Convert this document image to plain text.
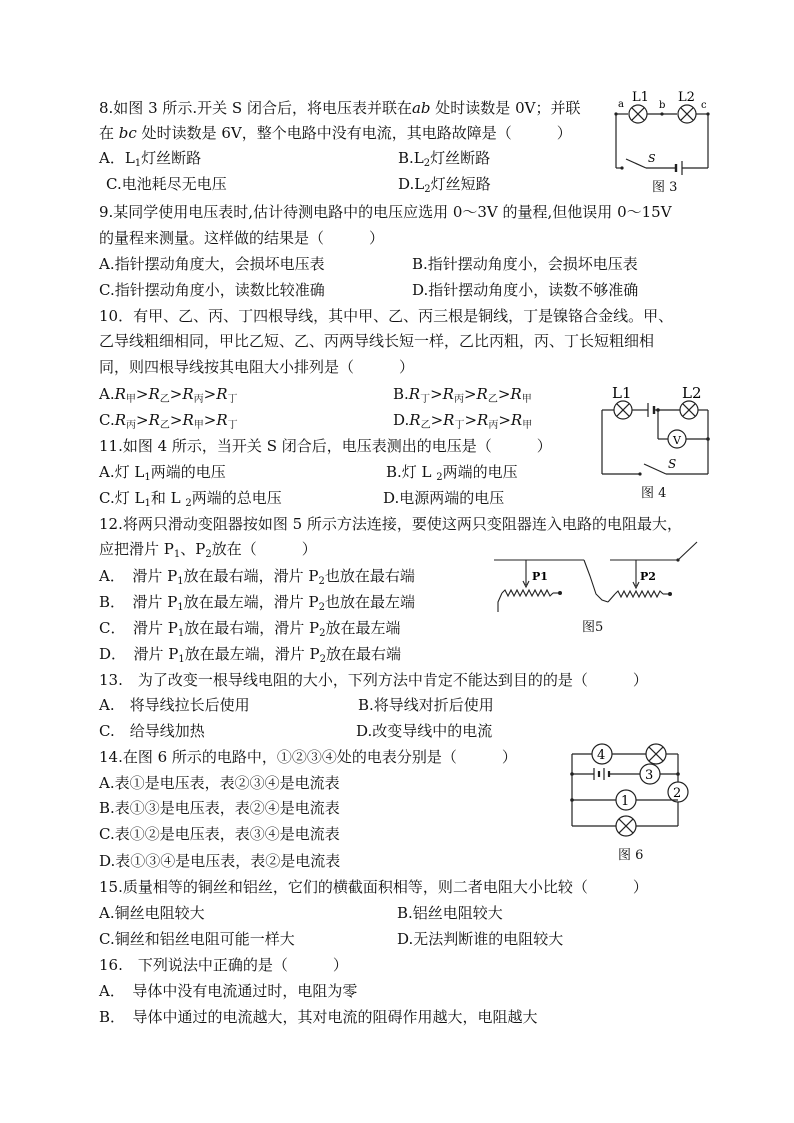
8.如图 3 所示.开关 S 闭合后，将电压表并联在ab 处时读数是 0V；并联
在 bc 处时读数是 6V，整个电路中没有电流，其电路故障是（　　　）
A．$L_1$灯丝断路	$B.L_2$灯丝断路
C.电池耗尽无电压	$D.L_2$灯丝短路
a	b	c
L1 L2
S
图 3
9.某同学使用电压表时,估计待测电路中的电压应选用 0～3V 的量程,但他误用 0～15V
的量程来测量。这样做的结果是（　　　）
A.指针摆动角度大，会损坏电压表	B.指针摆动角度小，会损坏电压表
C.指针摆动角度小，读数比较准确	D.指针摆动角度小，读数不够准确
10．有甲、乙、丙、丁四根导线，其中甲、乙、丙三根是铜线，丁是镍铬合金线。甲、
乙导线粗细相同，甲比乙短、乙、丙两导线长短一样，乙比丙粗，丙、丁长短粗细相
同，则四根导线按其电阻大小排列是（　　　）
$A.R_甲>R_乙>R_丙>R_丁$	$B.R_丁>R_丙>R_乙>R_甲$
$C.R_丙>R_乙>R_甲>R_丁$	$D.R_乙>R_丁>R_丙>R_甲$
L1	L2
V
S
图 4
11.如图 4 所示，当开关 S 闭合后，电压表测出的电压是（　　　）
A.灯 $L_1$两端的电压	B.灯 L $_2$两端的电压
C.灯 $L_1$和 L $_2$两端的总电压	D.电源两端的电压
12.将两只滑动变阻器按如图 5 所示方法连接，要使这两只变阻器连入电路的电阻最大，
应把滑片 $P_1$、$P_2$放在（　　　）
A．　滑片 $P_1$放在最右端，滑片 $P_2$也放在最右端
B．　滑片 $P_1$放在最左端，滑片 $P_2$也放在最左端
C．　滑片 $P_1$放在最右端，滑片 $P_2$放在最左端
D．　滑片 $P_1$放在最左端，滑片 $P_2$放在最右端
P1	P2
图5
13.　为了改变一根导线电阻的大小，下列方法中肯定不能达到目的的是（　　　）
A.　将导线拉长后使用	B.将导线对折后使用
C.　给导线加热	D.改变导线中的电流
14.在图 6 所示的电路中，①②③④处的电表分别是（　　　）
A.表①是电压表，表②③④是电流表
B.表①③是电压表，表②④是电流表
C.表①②是电压表，表③④是电流表
D.表①③④是电压表，表②是电流表
4
3
2
1
图 6
15.质量相等的铜丝和铝丝，它们的横截面积相等，则二者电阻大小比较（　　　）
A.铜丝电阻较大	B.铝丝电阻较大
C.铜丝和铝丝电阻可能一样大	D.无法判断谁的电阻较大
16.　下列说法中正确的是（　　　）
A．　导体中没有电流通过时，电阻为零
B．　导体中通过的电流越大，其对电流的阻碍作用越大，电阻越大
